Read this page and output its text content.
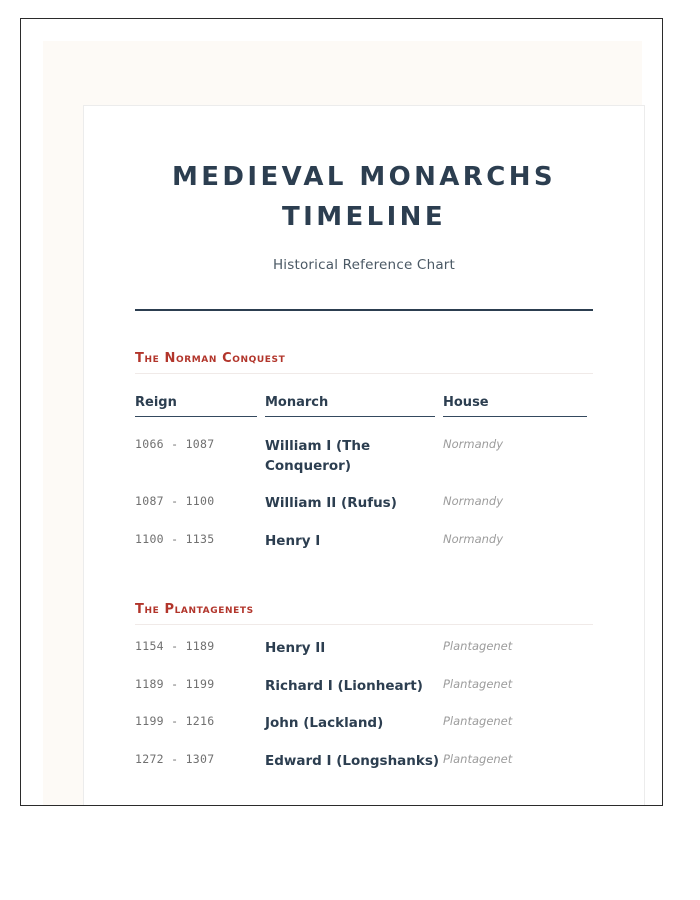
MEDIEVAL MONARCHS TIMELINE
Historical Reference Chart
The Norman Conquest
Reign	Monarch	House

1066 - 1087	William I (The Conqueror)	Normandy
1087 - 1100	William II (Rufus)	Normandy
1100 - 1135	Henry I	Normandy
The Plantagenets
1154 - 1189	Henry II	Plantagenet
1189 - 1199	Richard I (Lionheart)	Plantagenet
1199 - 1216	John (Lackland)	Plantagenet
1272 - 1307	Edward I (Longshanks)	Plantagenet
